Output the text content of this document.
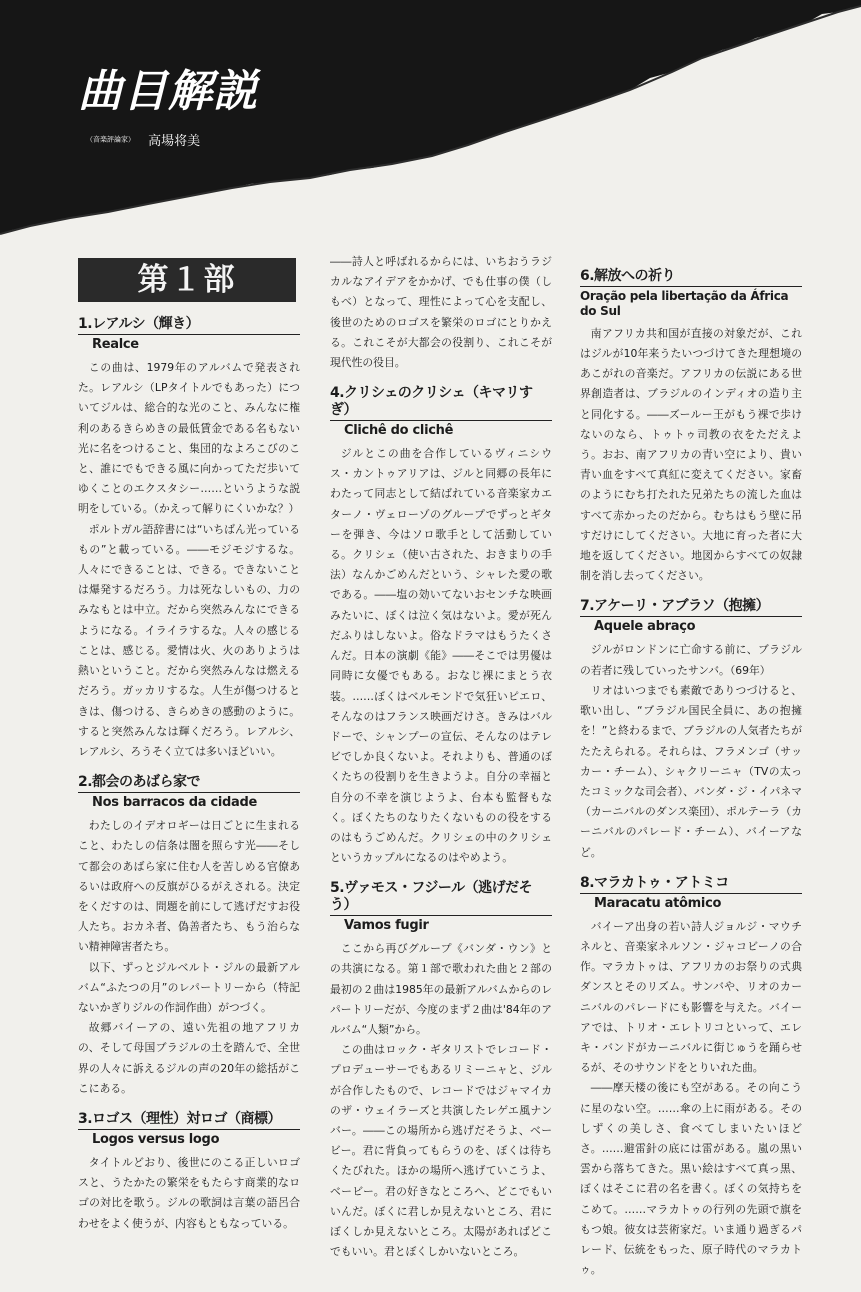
曲目解説
（音楽評論家） 高場将美
第１部
1.レアルシ（輝き）
Realce

この曲は、1979年のアルバムで発表された。レアルシ（LPタイトルでもあった）についてジルは、総合的な光のこと、みんなに権利のあるきらめきの最低賃金である名もない光に名をつけること、集団的なよろこびのこと、誰にでもできる風に向かってただ歩いてゆくことのエクスタシー……というような説明をしている。（かえって解りにくいかな？）

ポルトガル語辞書には“いちばん光っているもの”と載っている。――モジモジするな。人々にできることは、できる。できないことは爆発するだろう。力は死なしいもの、力のみなもとは中立。だから突然みんなにできるようになる。イライラするな。人々の感じることは、感じる。愛情は火、火のありようは熱いということ。だから突然みんなは燃えるだろう。ガッカリするな。人生が傷つけるときは、傷つける、きらめきの感動のように。すると突然みんなは輝くだろう。レアルシ、レアルシ、ろうそく立ては多いほどいい。

2.都会のあばら家で
Nos barracos da cidade

わたしのイデオロギーは日ごとに生まれること、わたしの信条は闇を照らす光――そして都会のあばら家に住む人を苦しめる官僚あるいは政府への反旗がひるがえされる。決定をくだすのは、問題を前にして逃げだすお役人たち。おカネ者、偽善者たち、もう治らない精神障害者たち。

以下、ずっとジルベルト・ジルの最新アルバム“ふたつの月”のレパートリーから（特記ないかぎりジルの作詞作曲）がつづく。

故郷バイーアの、遠い先祖の地アフリカの、そして母国ブラジルの土を踏んで、全世界の人々に訴えるジルの声の20年の総括がここにある。

3.ロゴス（理性）対ロゴ（商標）
Logos versus logo

タイトルどおり、後世にのこる正しいロゴスと、うたかたの繁栄をもたらす商業的なロゴの対比を歌う。ジルの歌詞は言葉の語呂合わせをよく使うが、内容もともなっている。

――詩人と呼ばれるからには、いちおうラジカルなアイデアをかかげ、でも仕事の僕（しもべ）となって、理性によって心を支配し、後世のためのロゴスを繁栄のロゴにとりかえる。これこそが大都会の役割り、これこそが現代性の役目。

4.クリシェのクリシェ（キマリすぎ）
Clichê do clichê

ジルとこの曲を合作しているヴィニシウス・カントゥアリアは、ジルと同郷の長年にわたって同志として結ばれている音楽家カエターノ・ヴェローゾのグループでずっとギターを弾き、今はソロ歌手として活動している。クリシェ（使い古された、おきまりの手法）なんかごめんだという、シャレた愛の歌である。――塩の効いてないおセンチな映画みたいに、ぼくは泣く気はないよ。愛が死んだふりはしないよ。俗なドラマはもうたくさんだ。日本の演劇《能》――そこでは男優は同時に女優でもある。おなじ裸にまとう衣装。……ぼくはベルモンドで気狂いピエロ、そんなのはフランス映画だけさ。きみはバルドーで、シャンプーの宣伝、そんなのはテレビでしか良くないよ。それよりも、普通のぼくたちの役割りを生きようよ。自分の幸福と自分の不幸を演じようよ、台本も監督もなく。ぼくたちのなりたくないものの役をするのはもうごめんだ。クリシェの中のクリシェというカップルになるのはやめよう。

5.ヴァモス・フジール（逃げだそう）
Vamos fugir

ここから再びグループ《バンダ・ウン》との共演になる。第１部で歌われた曲と２部の最初の２曲は1985年の最新アルバムからのレパートリーだが、今度のまず２曲は'84年のアルバム“人類”から。

この曲はロック・ギタリストでレコード・プロデューサーでもあるリミーニャと、ジルが合作したもので、レコードではジャマイカのザ・ウェイラーズと共演したレゲエ風ナンバー。――この場所から逃げだそうよ、ベービー。君に背負ってもらうのを、ぼくは待ちくたびれた。ほかの場所へ逃げていこうよ、ベービー。君の好きなところへ、どこでもいいんだ。ぼくに君しか見えないところ、君にぼくしか見えないところ。太陽があればどこでもいい。君とぼくしかいないところ。

6.解放への祈り
Oração pela libertação da África do Sul

南アフリカ共和国が直接の対象だが、これはジルが10年来うたいつづけてきた理想境のあこがれの音楽だ。アフリカの伝説にある世界創造者は、ブラジルのインディオの造り主と同化する。――ズールー王がもう裸で歩けないのなら、トゥトゥ司教の衣をただえよう。おお、南アフリカの青い空により、貴い青い血をすべて真紅に変えてください。家畜のようにむち打たれた兄弟たちの流した血はすべて赤かったのだから。むちはもう壁に吊すだけにしてください。大地に育った者に大地を返してください。地図からすべての奴隷制を消し去ってください。

7.アケーリ・アブラソ（抱擁）
Aquele abraço

ジルがロンドンに亡命する前に、ブラジルの若者に残していったサンバ。（69年）

リオはいつまでも素敵でありつづけると、歌い出し、“ブラジル国民全員に、あの抱擁を！”と終わるまで、ブラジルの人気者たちがたたえられる。それらは、フラメンゴ（サッカー・チーム）、シャクリーニャ（TVの太ったコミックな司会者）、バンダ・ジ・イパネマ（カーニバルのダンス楽団）、ポルテーラ（カーニバルのパレード・チーム）、バイーアなど。

8.マラカトゥ・アトミコ
Maracatu atômico

バイーア出身の若い詩人ジョルジ・マウチネルと、音楽家ネルソン・ジャコビーノの合作。マラカトゥは、アフリカのお祭りの式典ダンスとそのリズム。サンバや、リオのカーニバルのパレードにも影響を与えた。バイーアでは、トリオ・エレトリコといって、エレキ・バンドがカーニバルに街じゅうを踊らせるが、そのサウンドをとりいれた曲。

――摩天楼の後にも空がある。その向こうに星のない空。……傘の上に雨がある。そのしずくの美しさ、食べてしまいたいほどさ。……避雷針の底には雷がある。嵐の黒い雲から落ちてきた。黒い絵はすべて真っ黒、ぼくはそこに君の名を書く。ぼくの気持ちをこめて。……マラカトゥの行列の先頭で旗をもつ娘。彼女は芸術家だ。いま通り過ぎるパレード、伝統をもった、原子時代のマラカトゥ。
